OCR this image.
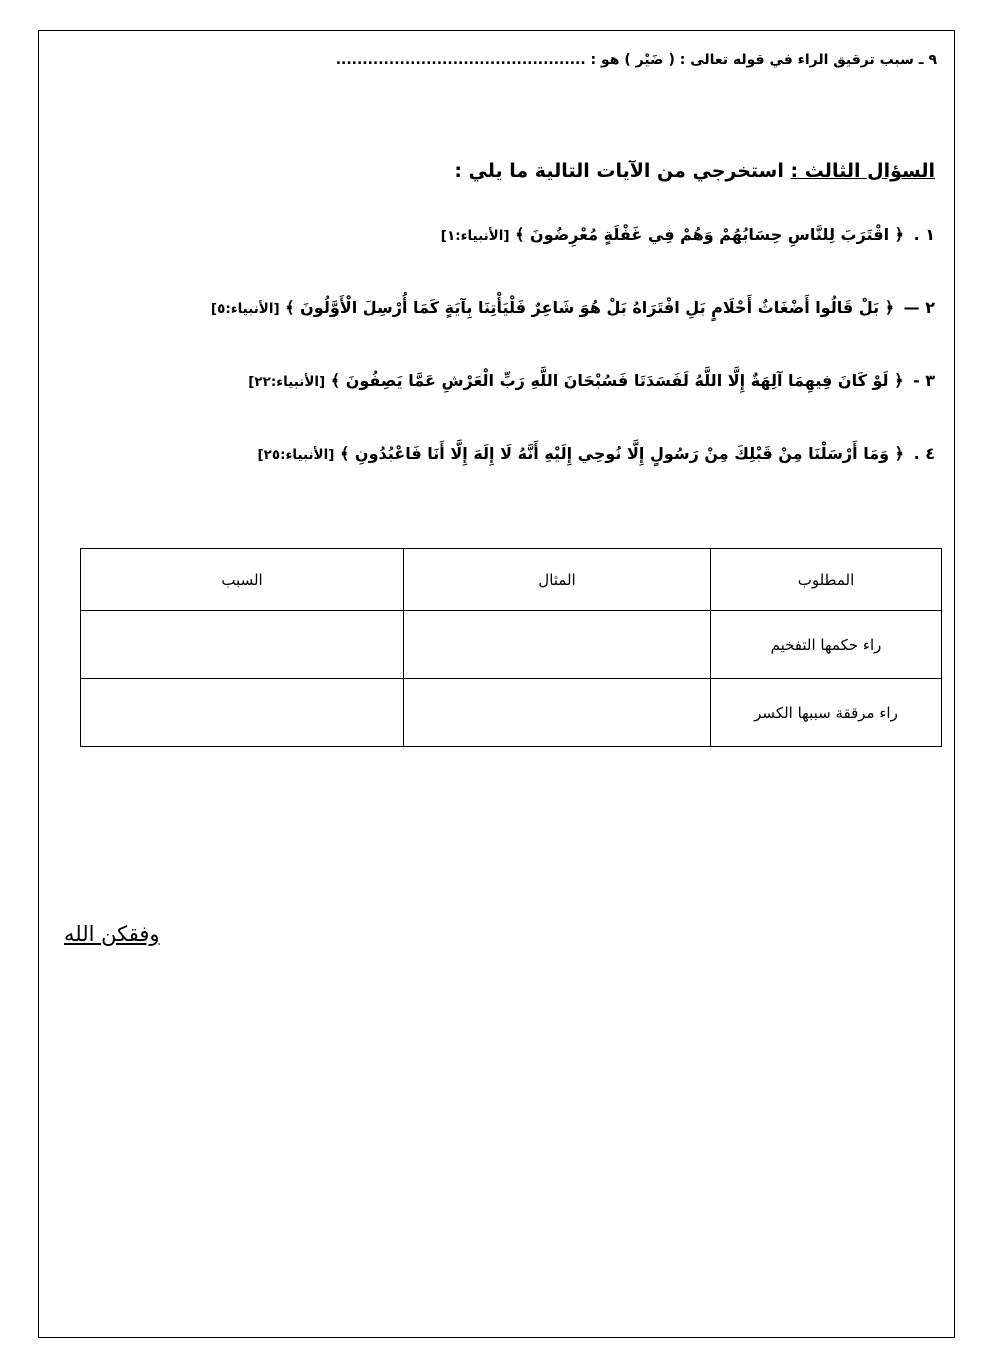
٩ ـ سبب ترقيق الراء في قوله تعالى : ( ضَيْر ) هو : ...............................................
السؤال الثالث : استخرجي من الآيات التالية ما يلي :
١ . ﴿ اقْتَرَبَ لِلنَّاسِ حِسَابُهُمْ وَهُمْ فِي غَفْلَةٍ مُعْرِضُونَ ﴾ [الأنبياء:١]
٢ — ﴿ بَلْ قَالُوا أَضْغَاثُ أَحْلَامٍ بَلِ افْتَرَاهُ بَلْ هُوَ شَاعِرٌ فَلْيَأْتِنَا بِآيَةٍ كَمَا أُرْسِلَ الْأَوَّلُونَ ﴾ [الأنبياء:٥]
٣ - ﴿ لَوْ كَانَ فِيهِمَا آلِهَةٌ إِلَّا اللَّهُ لَفَسَدَتَا فَسُبْحَانَ اللَّهِ رَبِّ الْعَرْشِ عَمَّا يَصِفُونَ ﴾ [الأنبياء:٢٢]
٤ . ﴿ وَمَا أَرْسَلْنَا مِنْ قَبْلِكَ مِنْ رَسُولٍ إِلَّا نُوحِي إِلَيْهِ أَنَّهُ لَا إِلَهَ إِلَّا أَنَا فَاعْبُدُونِ ﴾ [الأنبياء:٢٥]
المطلوب	المثال	السبب
راء حكمها التفخيم		
راء مرققة سببها الكسر		
وفقكن الله
